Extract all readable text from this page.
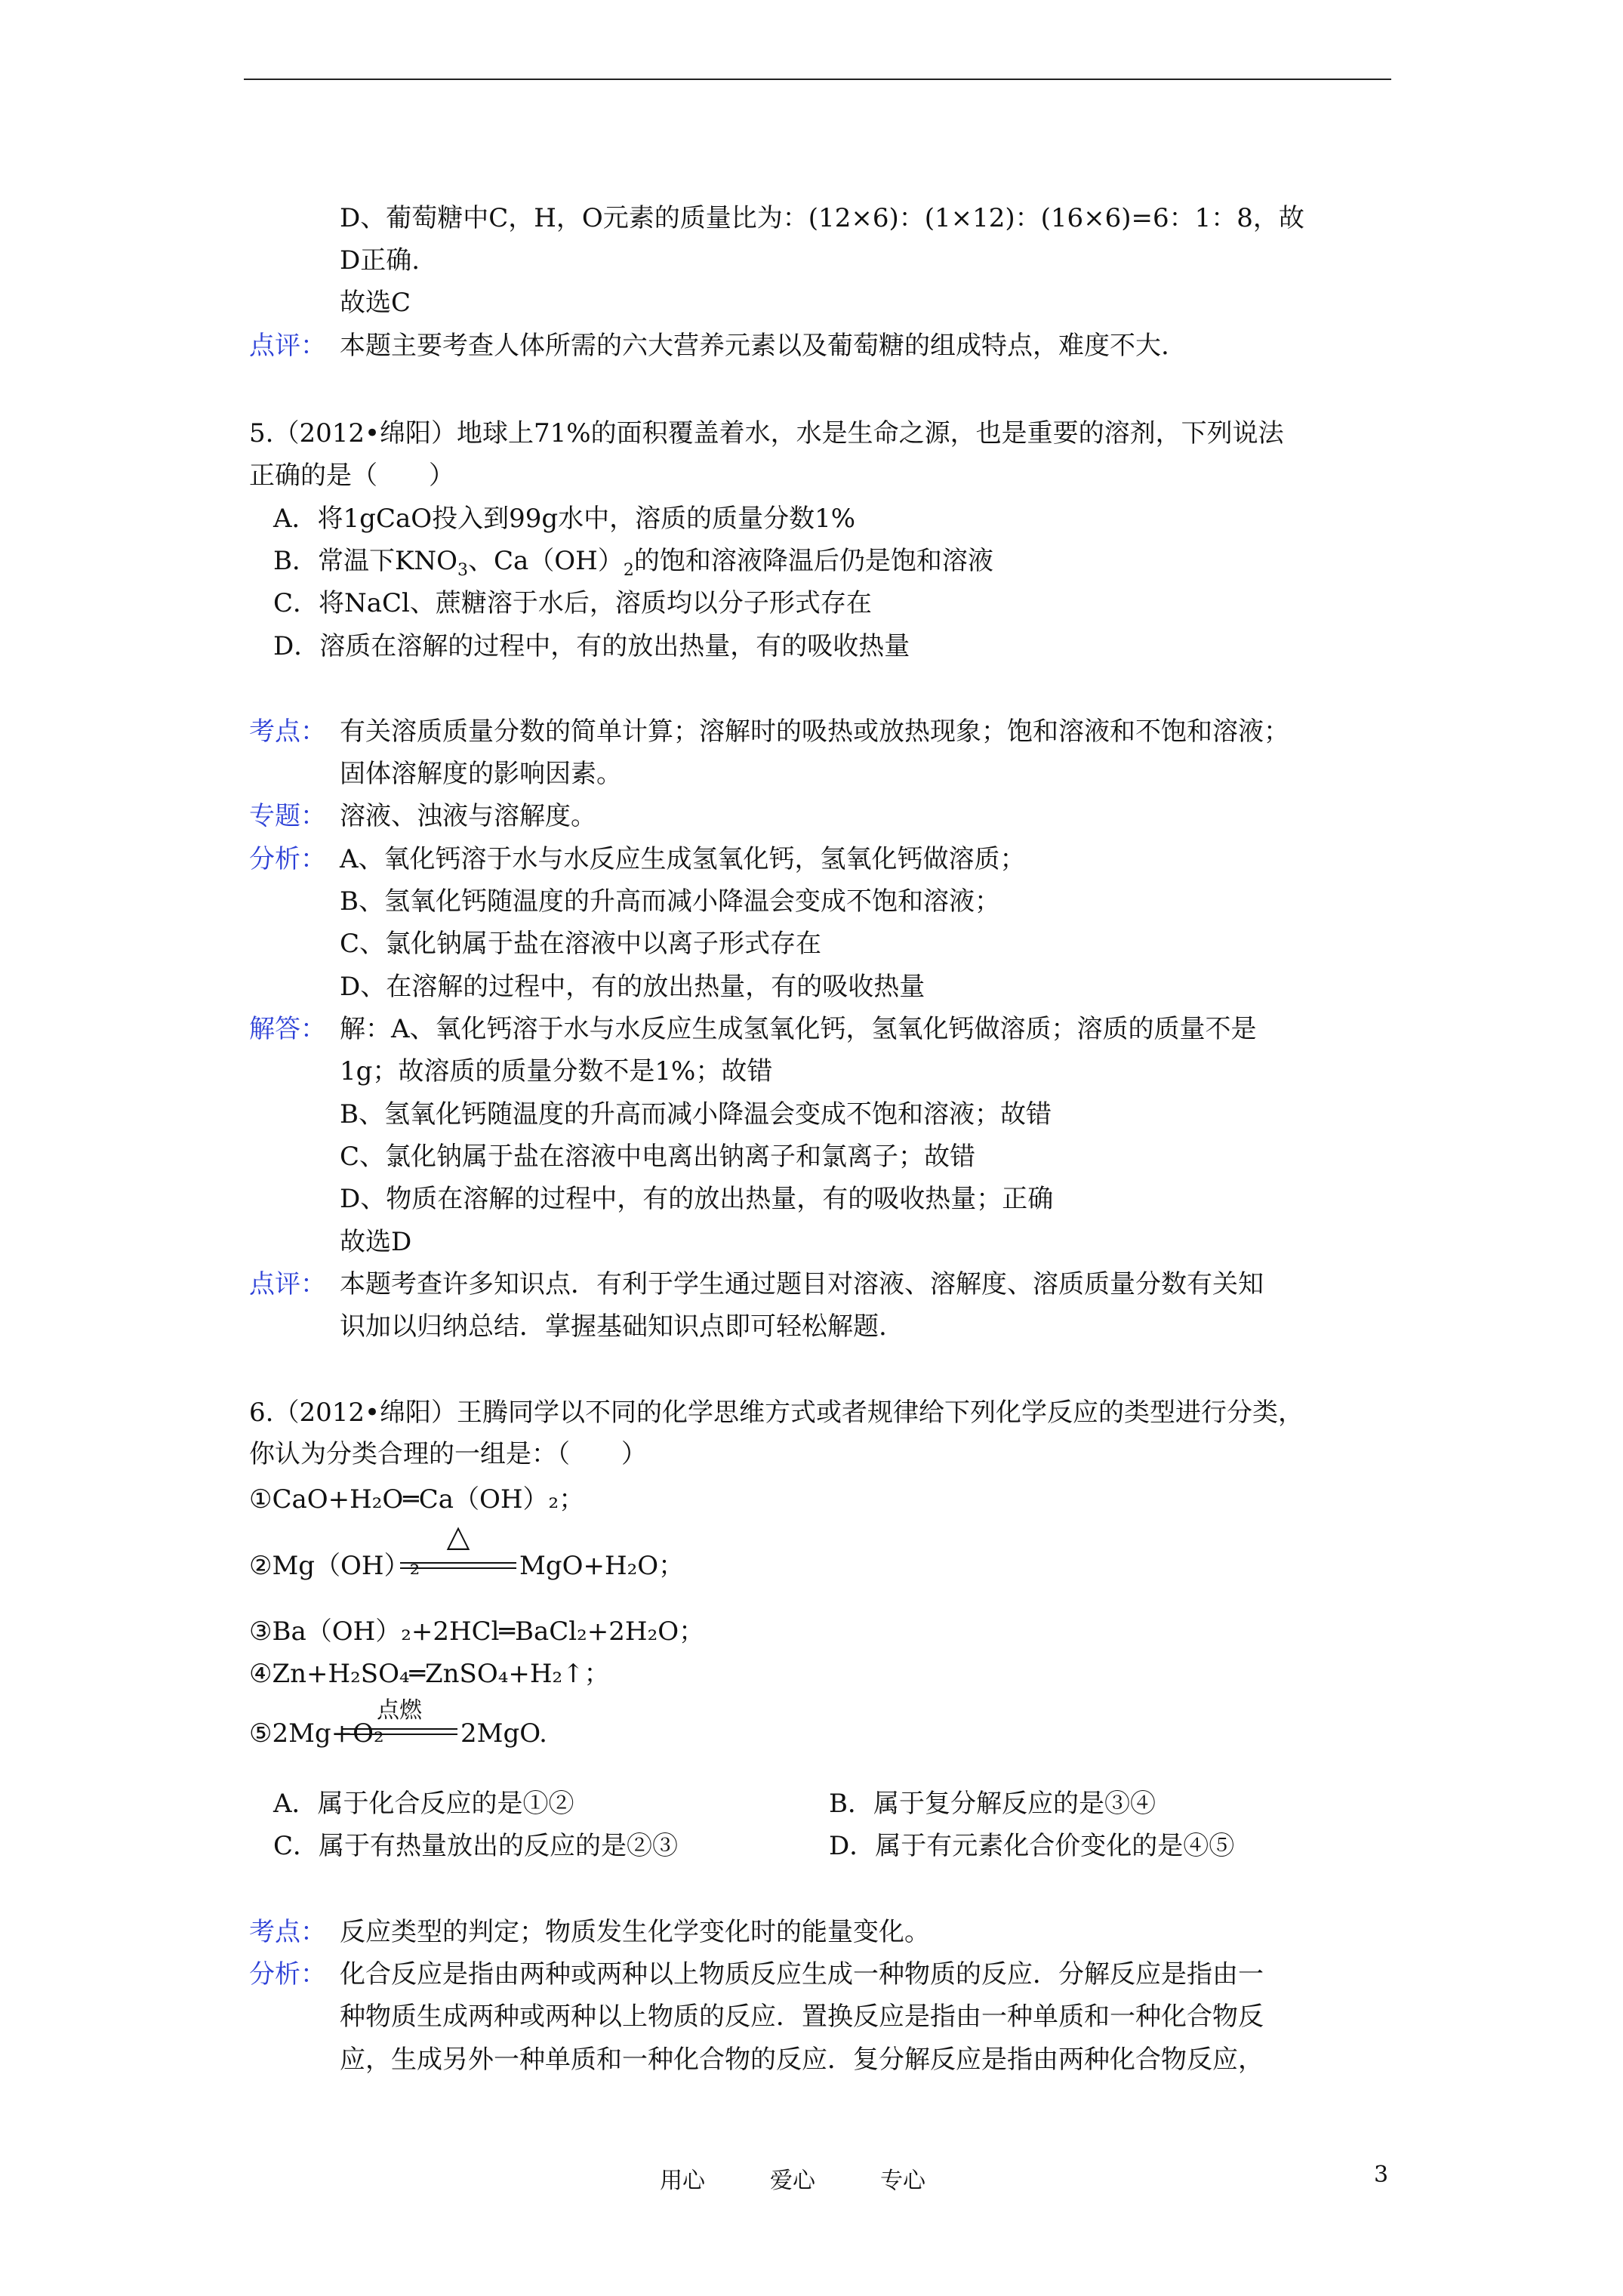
D、葡萄糖中C，H，O元素的质量比为：(12×6)：(1×12)：(16×6)=6：1：8，故
D正确.
故选C
点评： 本题主要考查人体所需的六大营养元素以及葡萄糖的组成特点，难度不大.
5.（2012•绵阳）地球上71%的面积覆盖着水，水是生命之源，也是重要的溶剂，下列说法
正确的是（　　）
A．将1gCaO投入到99g水中，溶质的质量分数1%
B．常温下$KNO_3$、$Ca(OH)_2$的饱和溶液降温后仍是饱和溶液
C．将NaCl、蔗糖溶于水后，溶质均以分子形式存在
D．溶质在溶解的过程中，有的放出热量，有的吸收热量
考点： 有关溶质质量分数的简单计算；溶解时的吸热或放热现象；饱和溶液和不饱和溶液；
固体溶解度的影响因素。
专题： 溶液、浊液与溶解度。
分析： A、氧化钙溶于水与水反应生成氢氧化钙，氢氧化钙做溶质；
B、氢氧化钙随温度的升高而减小降温会变成不饱和溶液；
C、氯化钠属于盐在溶液中以离子形式存在
D、在溶解的过程中，有的放出热量，有的吸收热量
解答： 解：A、氧化钙溶于水与水反应生成氢氧化钙，氢氧化钙做溶质；溶质的质量不是
1g；故溶质的质量分数不是1%；故错
B、氢氧化钙随温度的升高而减小降温会变成不饱和溶液；故错
C、氯化钠属于盐在溶液中电离出钠离子和氯离子；故错
D、物质在溶解的过程中，有的放出热量，有的吸收热量；正确
故选D
点评： 本题考查许多知识点．有利于学生通过题目对溶液、溶解度、溶质质量分数有关知
识加以归纳总结．掌握基础知识点即可轻松解题.
6.（2012•绵阳）王腾同学以不同的化学思维方式或者规律给下列化学反应的类型进行分类，
你认为分类合理的一组是：（　　）
①CaO+H₂O═Ca（OH）₂；
②Mg（OH）₂
△
MgO+H₂O；
③Ba（OH）₂+2HCl═BaCl₂+2H₂O；
④Zn+H₂SO₄═ZnSO₄+H₂↑；
⑤2Mg+O₂
点燃
2MgO.
A．属于化合反应的是①②	B．属于复分解反应的是③④
C．属于有热量放出的反应的是②③	D．属于有元素化合价变化的是④⑤
考点： 反应类型的判定；物质发生化学变化时的能量变化。
分析： 化合反应是指由两种或两种以上物质反应生成一种物质的反应．分解反应是指由一
种物质生成两种或两种以上物质的反应．置换反应是指由一种单质和一种化合物反
应，生成另外一种单质和一种化合物的反应．复分解反应是指由两种化合物反应，
用心	爱心	专心	3
